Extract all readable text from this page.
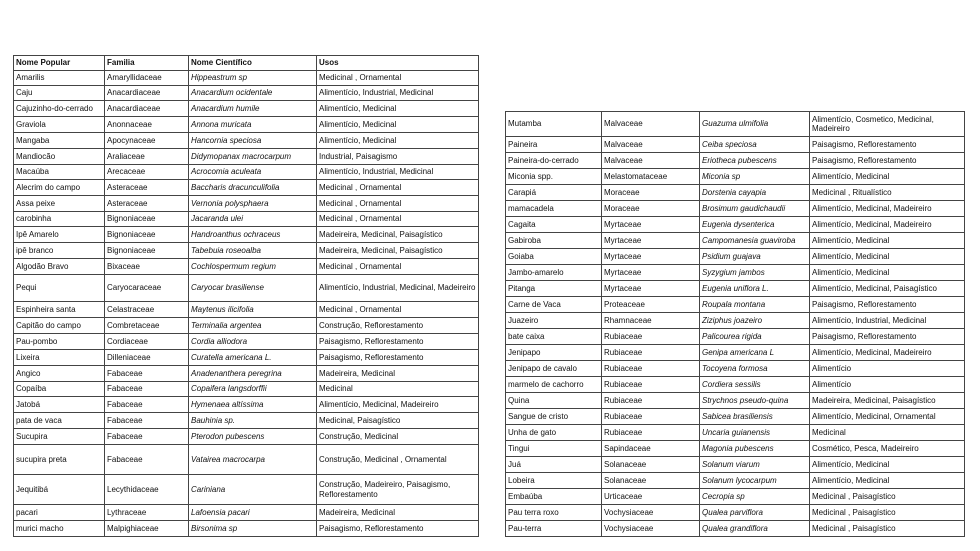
Nome Popular	Familia	Nome Científico	Usos
Amarilis	Amaryllidaceae	Hippeastrum sp	Medicinal , Ornamental
Caju	Anacardiaceae	Anacardium ocidentale	Alimentício, Industrial, Medicinal
Cajuzinho-do-cerrado	Anacardiaceae	Anacardium humile	Alimentício, Medicinal
Graviola	Anonnaceae	Annona muricata	Alimentício, Medicinal
Mangaba	Apocynaceae	Hancornia speciosa	Alimentício, Medicinal
Mandiocão	Araliaceae	Didymopanax macrocarpum	Industrial, Paisagismo
Macaúba	Arecaceae	Acrocomia aculeata	Alimentício, Industrial, Medicinal
Alecrim do campo	Asteraceae	Baccharis dracunculifolia	Medicinal , Ornamental
Assa peixe	Asteraceae	Vernonia polysphaera	Medicinal , Ornamental
carobinha	Bignoniaceae	Jacaranda ulei	Medicinal , Ornamental
Ipê Amarelo	Bignoniaceae	Handroanthus ochraceus	Madeireira, Medicinal, Paisagístico
ipê branco	Bignoniaceae	Tabebuia roseoalba	Madeireira, Medicinal, Paisagístico
Algodão Bravo	Bixaceae	Cochlospermum regium	Medicinal , Ornamental
Pequi	Caryocaraceae	Caryocar brasiliense	Alimentício, Industrial, Medicinal, Madeireiro
Espinheira santa	Celastraceae	Maytenus ilicifolia	Medicinal , Ornamental
Capitão do campo	Combretaceae	Terminalia argentea	Construção, Reflorestamento
Pau-pombo	Cordiaceae	Cordia alliodora	Paisagismo, Reflorestamento
Lixeira	Dilleniaceae	Curatella americana L.	Paisagismo, Reflorestamento
Angico	Fabaceae	Anadenanthera peregrina	Madeireira, Medicinal
Copaíba	Fabaceae	Copaifera langsdorffii	Medicinal
Jatobá	Fabaceae	Hymenaea altíssima	Alimentício, Medicinal, Madeireiro
pata de vaca	Fabaceae	Bauhinia sp.	Medicinal, Paisagístico
Sucupira	Fabaceae	Pterodon pubescens	Construção, Medicinal
sucupira preta	Fabaceae	Vatairea macrocarpa	Construção, Medicinal , Ornamental
Jequitibá	Lecythidaceae	Cariniana	Construção, Madeireiro, Paisagismo, Reflorestamento
pacari	Lythraceae	Lafoensia pacari	Madeireira, Medicinal
murici macho	Malpighiaceae	Birsonima sp	Paisagismo, Reflorestamento
Mutamba	Malvaceae	Guazuma ulmifolia	Alimentício, Cosmetico, Medicinal, Madeireiro
Paineira	Malvaceae	Ceiba speciosa	Paisagismo, Reflorestamento
Paineira-do-cerrado	Malvaceae	Eriotheca pubescens	Paisagismo, Reflorestamento
Miconia spp.	Melastomataceae	Miconia sp	Alimentício, Medicinal
Carapiá	Moraceae	Dorstenia cayapia	Medicinal , Ritualístico
mamacadela	Moraceae	Brosimum gaudichaudii	Alimentício, Medicinal, Madeireiro
Cagaita	Myrtaceae	Eugenia dysenterica	Alimentício, Medicinal, Madeireiro
Gabiroba	Myrtaceae	Campomanesia guaviroba	Alimentício, Medicinal
Goiaba	Myrtaceae	Psidium guajava	Alimentício, Medicinal
Jambo-amarelo	Myrtaceae	Syzygium jambos	Alimentício, Medicinal
Pitanga	Myrtaceae	Eugenia uniflora L.	Alimentício, Medicinal, Paisagístico
Carne de Vaca	Proteaceae	Roupala montana	Paisagismo, Reflorestamento
Juazeiro	Rhamnaceae	Ziziphus joazeiro	Alimentício, Industrial, Medicinal
bate caixa	Rubiaceae	Palicourea rigida	Paisagismo, Reflorestamento
Jenipapo	Rubiaceae	Genipa americana L	Alimentício, Medicinal, Madeireiro
Jenipapo de cavalo	Rubiaceae	Tocoyena formosa	Alimentício
marmelo de cachorro	Rubiaceae	Cordiera sessilis	Alimentício
Quina	Rubiaceae	Strychnos pseudo-quina	Madeireira, Medicinal, Paisagístico
Sangue de cristo	Rubiaceae	Sabicea brasiliensis	Alimentício, Medicinal, Ornamental
Unha de gato	Rubiaceae	Uncaria guianensis	Medicinal
Tingui	Sapindaceae	Magonia pubescens	Cosmético, Pesca, Madeireiro
Juá	Solanaceae	Solanum viarum	Alimentício, Medicinal
Lobeira	Solanaceae	Solanum lycocarpum	Alimentício, Medicinal
Embaúba	Urticaceae	Cecropia sp	Medicinal , Paisagístico
Pau terra roxo	Vochysiaceae	Qualea parviflora	Medicinal , Paisagístico
Pau-terra	Vochysiaceae	Qualea grandiflora	Medicinal , Paisagístico
